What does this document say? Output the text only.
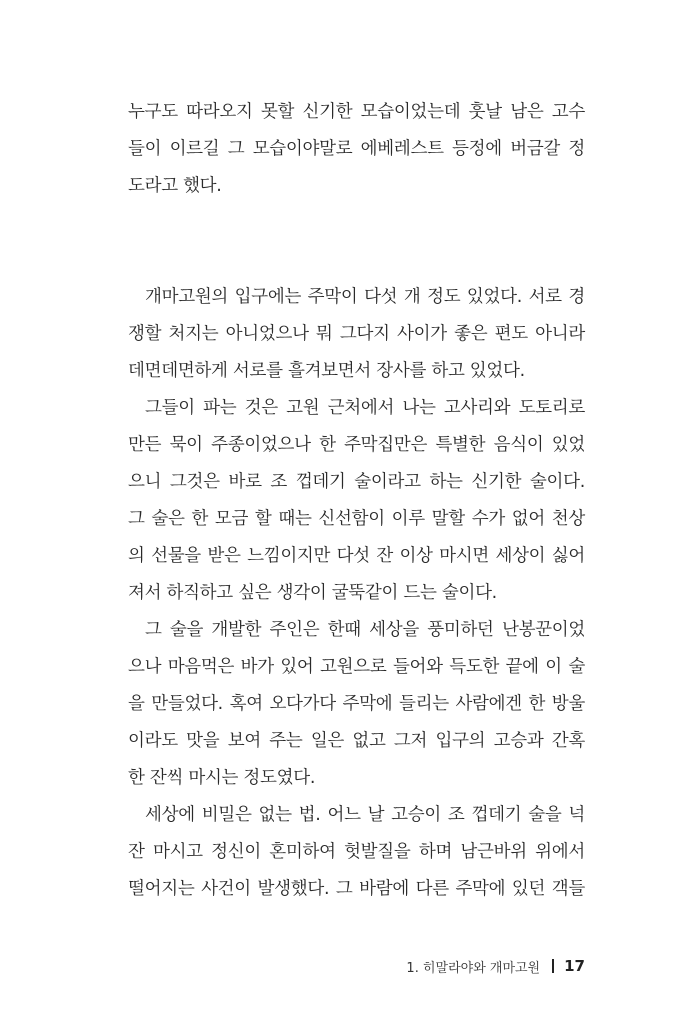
누구도 따라오지 못할 신기한 모습이었는데 훗날 남은 고수
들이 이르길 그 모습이야말로 에베레스트 등정에 버금갈 정
도라고 했다.
개마고원의 입구에는 주막이 다섯 개 정도 있었다. 서로 경
쟁할 처지는 아니었으나 뭐 그다지 사이가 좋은 편도 아니라
데면데면하게 서로를 흘겨보면서 장사를 하고 있었다.
그들이 파는 것은 고원 근처에서 나는 고사리와 도토리로
만든 묵이 주종이었으나 한 주막집만은 특별한 음식이 있었
으니 그것은 바로 조 껍데기 술이라고 하는 신기한 술이다.
그 술은 한 모금 할 때는 신선함이 이루 말할 수가 없어 천상
의 선물을 받은 느낌이지만 다섯 잔 이상 마시면 세상이 싫어
져서 하직하고 싶은 생각이 굴뚝같이 드는 술이다.
그 술을 개발한 주인은 한때 세상을 풍미하던 난봉꾼이었
으나 마음먹은 바가 있어 고원으로 들어와 득도한 끝에 이 술
을 만들었다. 혹여 오다가다 주막에 들리는 사람에겐 한 방울
이라도 맛을 보여 주는 일은 없고 그저 입구의 고승과 간혹
한 잔씩 마시는 정도였다.
세상에 비밀은 없는 법. 어느 날 고승이 조 껍데기 술을 넉
잔 마시고 정신이 혼미하여 헛발질을 하며 남근바위 위에서
떨어지는 사건이 발생했다. 그 바람에 다른 주막에 있던 객들
1. 히말라야와 개마고원 17
